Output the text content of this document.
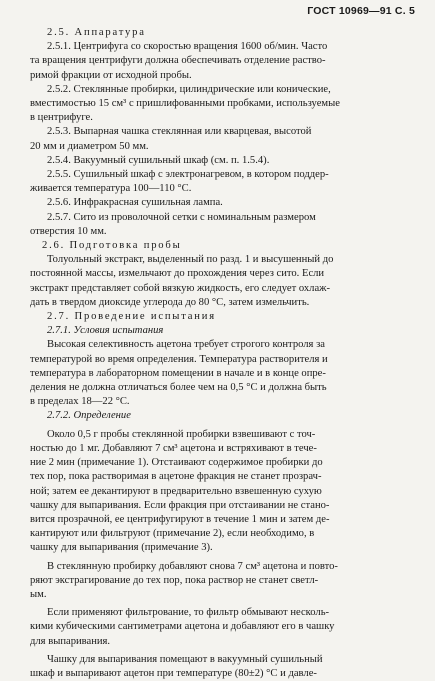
ГОСТ 10969—91 С. 5
2.5. Аппаратура
2.5.1. Центрифуга со скоростью вращения 1600 об/мин. Часто
та вращения центрифуги должна обеспечивать отделение раство-
римой фракции от исходной пробы.
2.5.2. Стеклянные пробирки, цилиндрические или конические,
вместимостью 15 см³ с пришлифованными пробками, используемые
в центрифуге.
2.5.3. Выпарная чашка стеклянная или кварцевая, высотой
20 мм и диаметром 50 мм.
2.5.4. Вакуумный сушильный шкаф (см. п. 1.5.4).
2.5.5. Сушильный шкаф с электронагревом, в котором поддер-
живается температура 100—110 °С.
2.5.6. Инфракрасная сушильная лампа.
2.5.7. Сито из проволочной сетки с номинальным размером
отверстия 10 мм.
2.6. Подготовка пробы
Толуольный экстракт, выделенный по разд. 1 и высушенный до
постоянной массы, измельчают до прохождения через сито. Если
экстракт представляет собой вязкую жидкость, его следует охлаж-
дать в твердом диоксиде углерода до 80 °С, затем измельчить.
2.7. Проведение испытания
2.7.1. Условия испытания
Высокая селективность ацетона требует строгого контроля за
температурой во время определения. Температура растворителя и
температура в лабораторном помещении в начале и в конце опре-
деления не должна отличаться более чем на 0,5 °С и должна быть
в пределах 18—22 °С.
2.7.2. Определение
Около 0,5 г пробы стеклянной пробирки взвешивают с точ-
ностью до 1 мг. Добавляют 7 см³ ацетона и встряхивают в тече-
ние 2 мин (примечание 1). Отстаивают содержимое пробирки до
тех пор, пока растворимая в ацетоне фракция не станет прозрач-
ной; затем ее декантируют в предварительно взвешенную сухую
чашку для выпаривания. Если фракция при отстаивании не стано-
вится прозрачной, ее центрифугируют в течение 1 мин и затем де-
кантируют или фильтруют (примечание 2), если необходимо, в
чашку для выпаривания (примечание 3).
В стеклянную пробирку добавляют снова 7 см³ ацетона и повто-
ряют экстрагирование до тех пор, пока раствор не станет светл-
ым.
Если применяют фильтрование, то фильтр обмывают несколь-
кими кубическими сантиметрами ацетона и добавляют его в чашку
для выпаривания.
Чашку для выпаривания помещают в вакуумный сушильный
шкаф и выпаривают ацетон при температуре (80±2) °С и давле-
